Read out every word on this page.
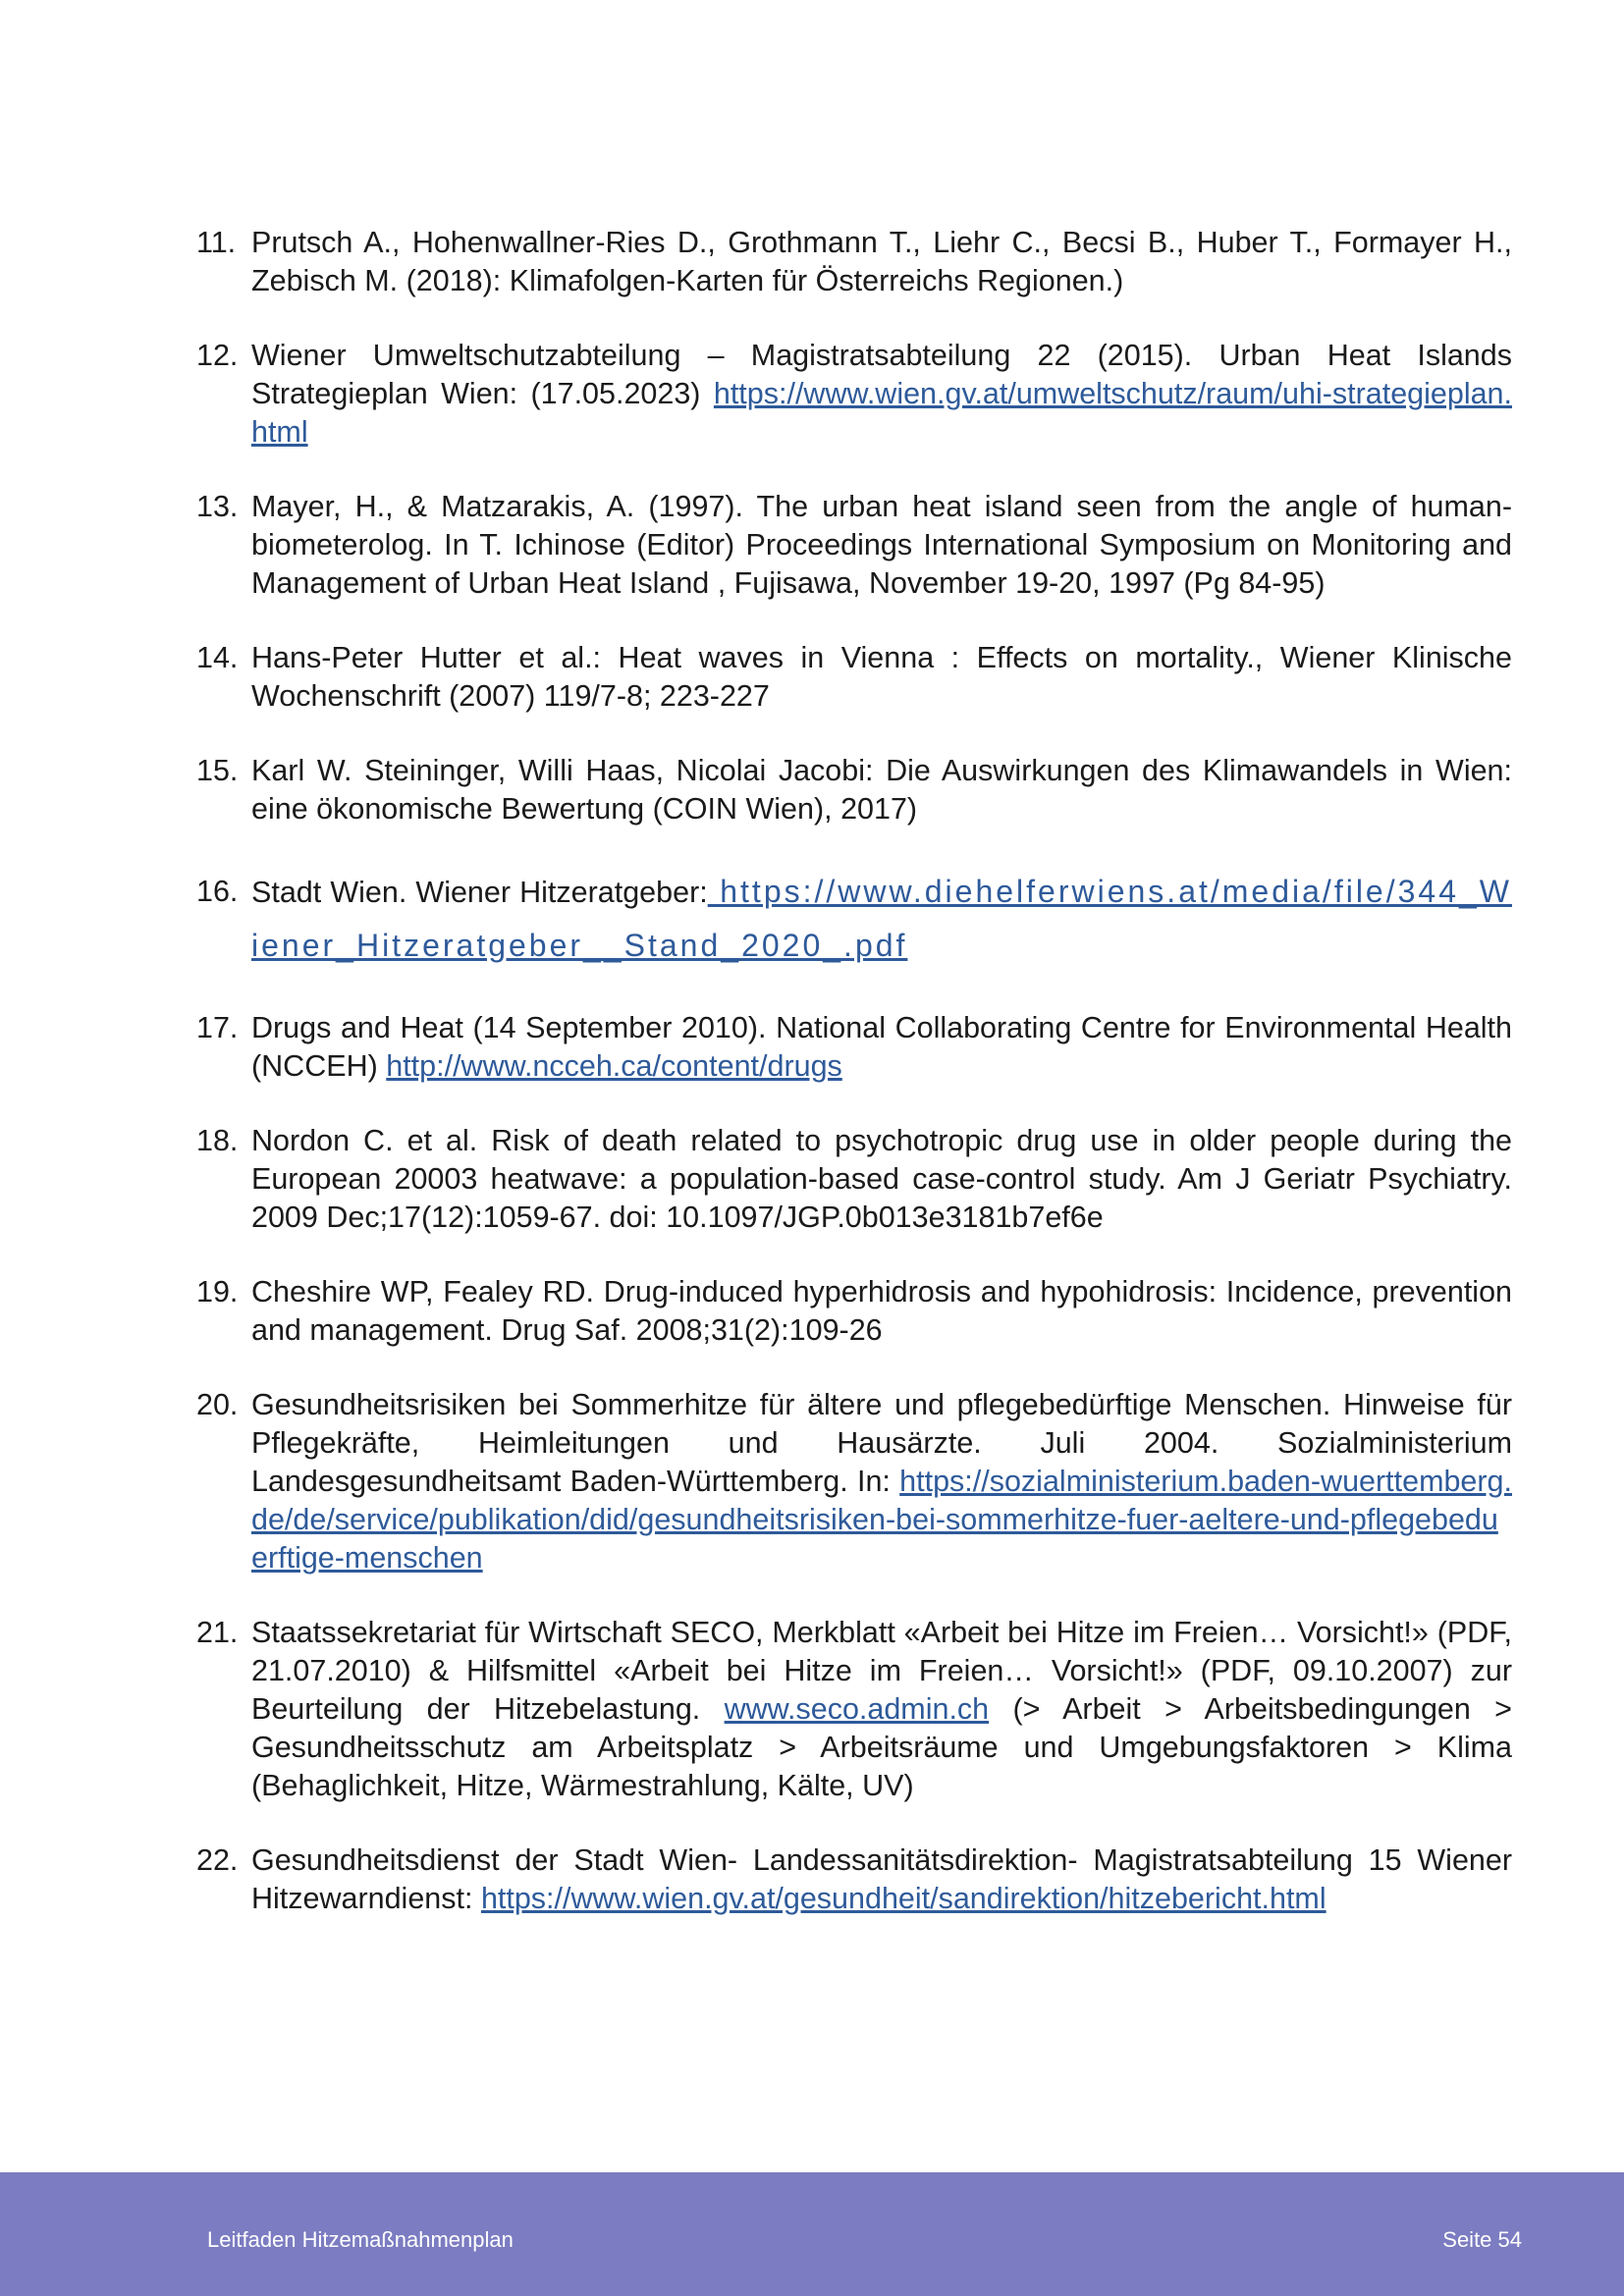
11. Prutsch A., Hohenwallner-Ries D., Grothmann T., Liehr C., Becsi B., Huber T., Formayer H., Zebisch M. (2018): Klimafolgen-Karten für Österreichs Regionen.)
12. Wiener Umweltschutzabteilung – Magistratsabteilung 22 (2015). Urban Heat Islands Strategieplan Wien: (17.05.2023) https://www.wien.gv.at/umweltschutz/raum/uhi-strategieplan.html
13. Mayer, H., & Matzarakis, A. (1997). The urban heat island seen from the angle of human-biometerolog. In T. Ichinose (Editor) Proceedings International Symposium on Monitoring and Management of Urban Heat Island , Fujisawa, November 19-20, 1997 (Pg 84-95)
14. Hans-Peter Hutter et al.: Heat waves in Vienna : Effects on mortality., Wiener Klinische Wochenschrift (2007) 119/7-8; 223-227
15. Karl W. Steininger, Willi Haas, Nicolai Jacobi: Die Auswirkungen des Klimawandels in Wien: eine ökonomische Bewertung (COIN Wien), 2017)
16. Stadt Wien. Wiener Hitzeratgeber: https://www.diehelferwiens.at/media/file/344_Wiener_Hitzeratgeber__Stand_2020_.pdf
17. Drugs and Heat (14 September 2010). National Collaborating Centre for Environmental Health (NCCEH) http://www.ncceh.ca/content/drugs
18. Nordon C. et al. Risk of death related to psychotropic drug use in older people during the European 20003 heatwave: a population-based case-control study. Am J Geriatr Psychiatry. 2009 Dec;17(12):1059-67. doi: 10.1097/JGP.0b013e3181b7ef6e
19. Cheshire WP, Fealey RD. Drug-induced hyperhidrosis and hypohidrosis: Incidence, prevention and management. Drug Saf. 2008;31(2):109-26
20. Gesundheitsrisiken bei Sommerhitze für ältere und pflegebedürftige Menschen. Hinweise für Pflegekräfte, Heimleitungen und Hausärzte. Juli 2004. Sozialministerium Landesgesundheitsamt Baden-Württemberg. In: https://sozialministerium.baden-wuerttemberg.de/de/service/publikation/did/gesundheitsrisiken-bei-sommerhitze-fuer-aeltere-und-pflegebeduerftige-menschen
21. Staatssekretariat für Wirtschaft SECO, Merkblatt «Arbeit bei Hitze im Freien… Vorsicht!» (PDF, 21.07.2010) & Hilfsmittel «Arbeit bei Hitze im Freien… Vorsicht!» (PDF, 09.10.2007) zur Beurteilung der Hitzebelastung. www.seco.admin.ch (> Arbeit > Arbeitsbedingungen > Gesundheitsschutz am Arbeitsplatz > Arbeitsräume und Umgebungsfaktoren > Klima (Behaglichkeit, Hitze, Wärmestrahlung, Kälte, UV)
22. Gesundheitsdienst der Stadt Wien- Landessanitätsdirektion- Magistratsabteilung 15 Wiener Hitzewarndienst: https://www.wien.gv.at/gesundheit/sandirektion/hitzebericht.html
Leitfaden Hitzemaßnahmenplan	Seite 54
